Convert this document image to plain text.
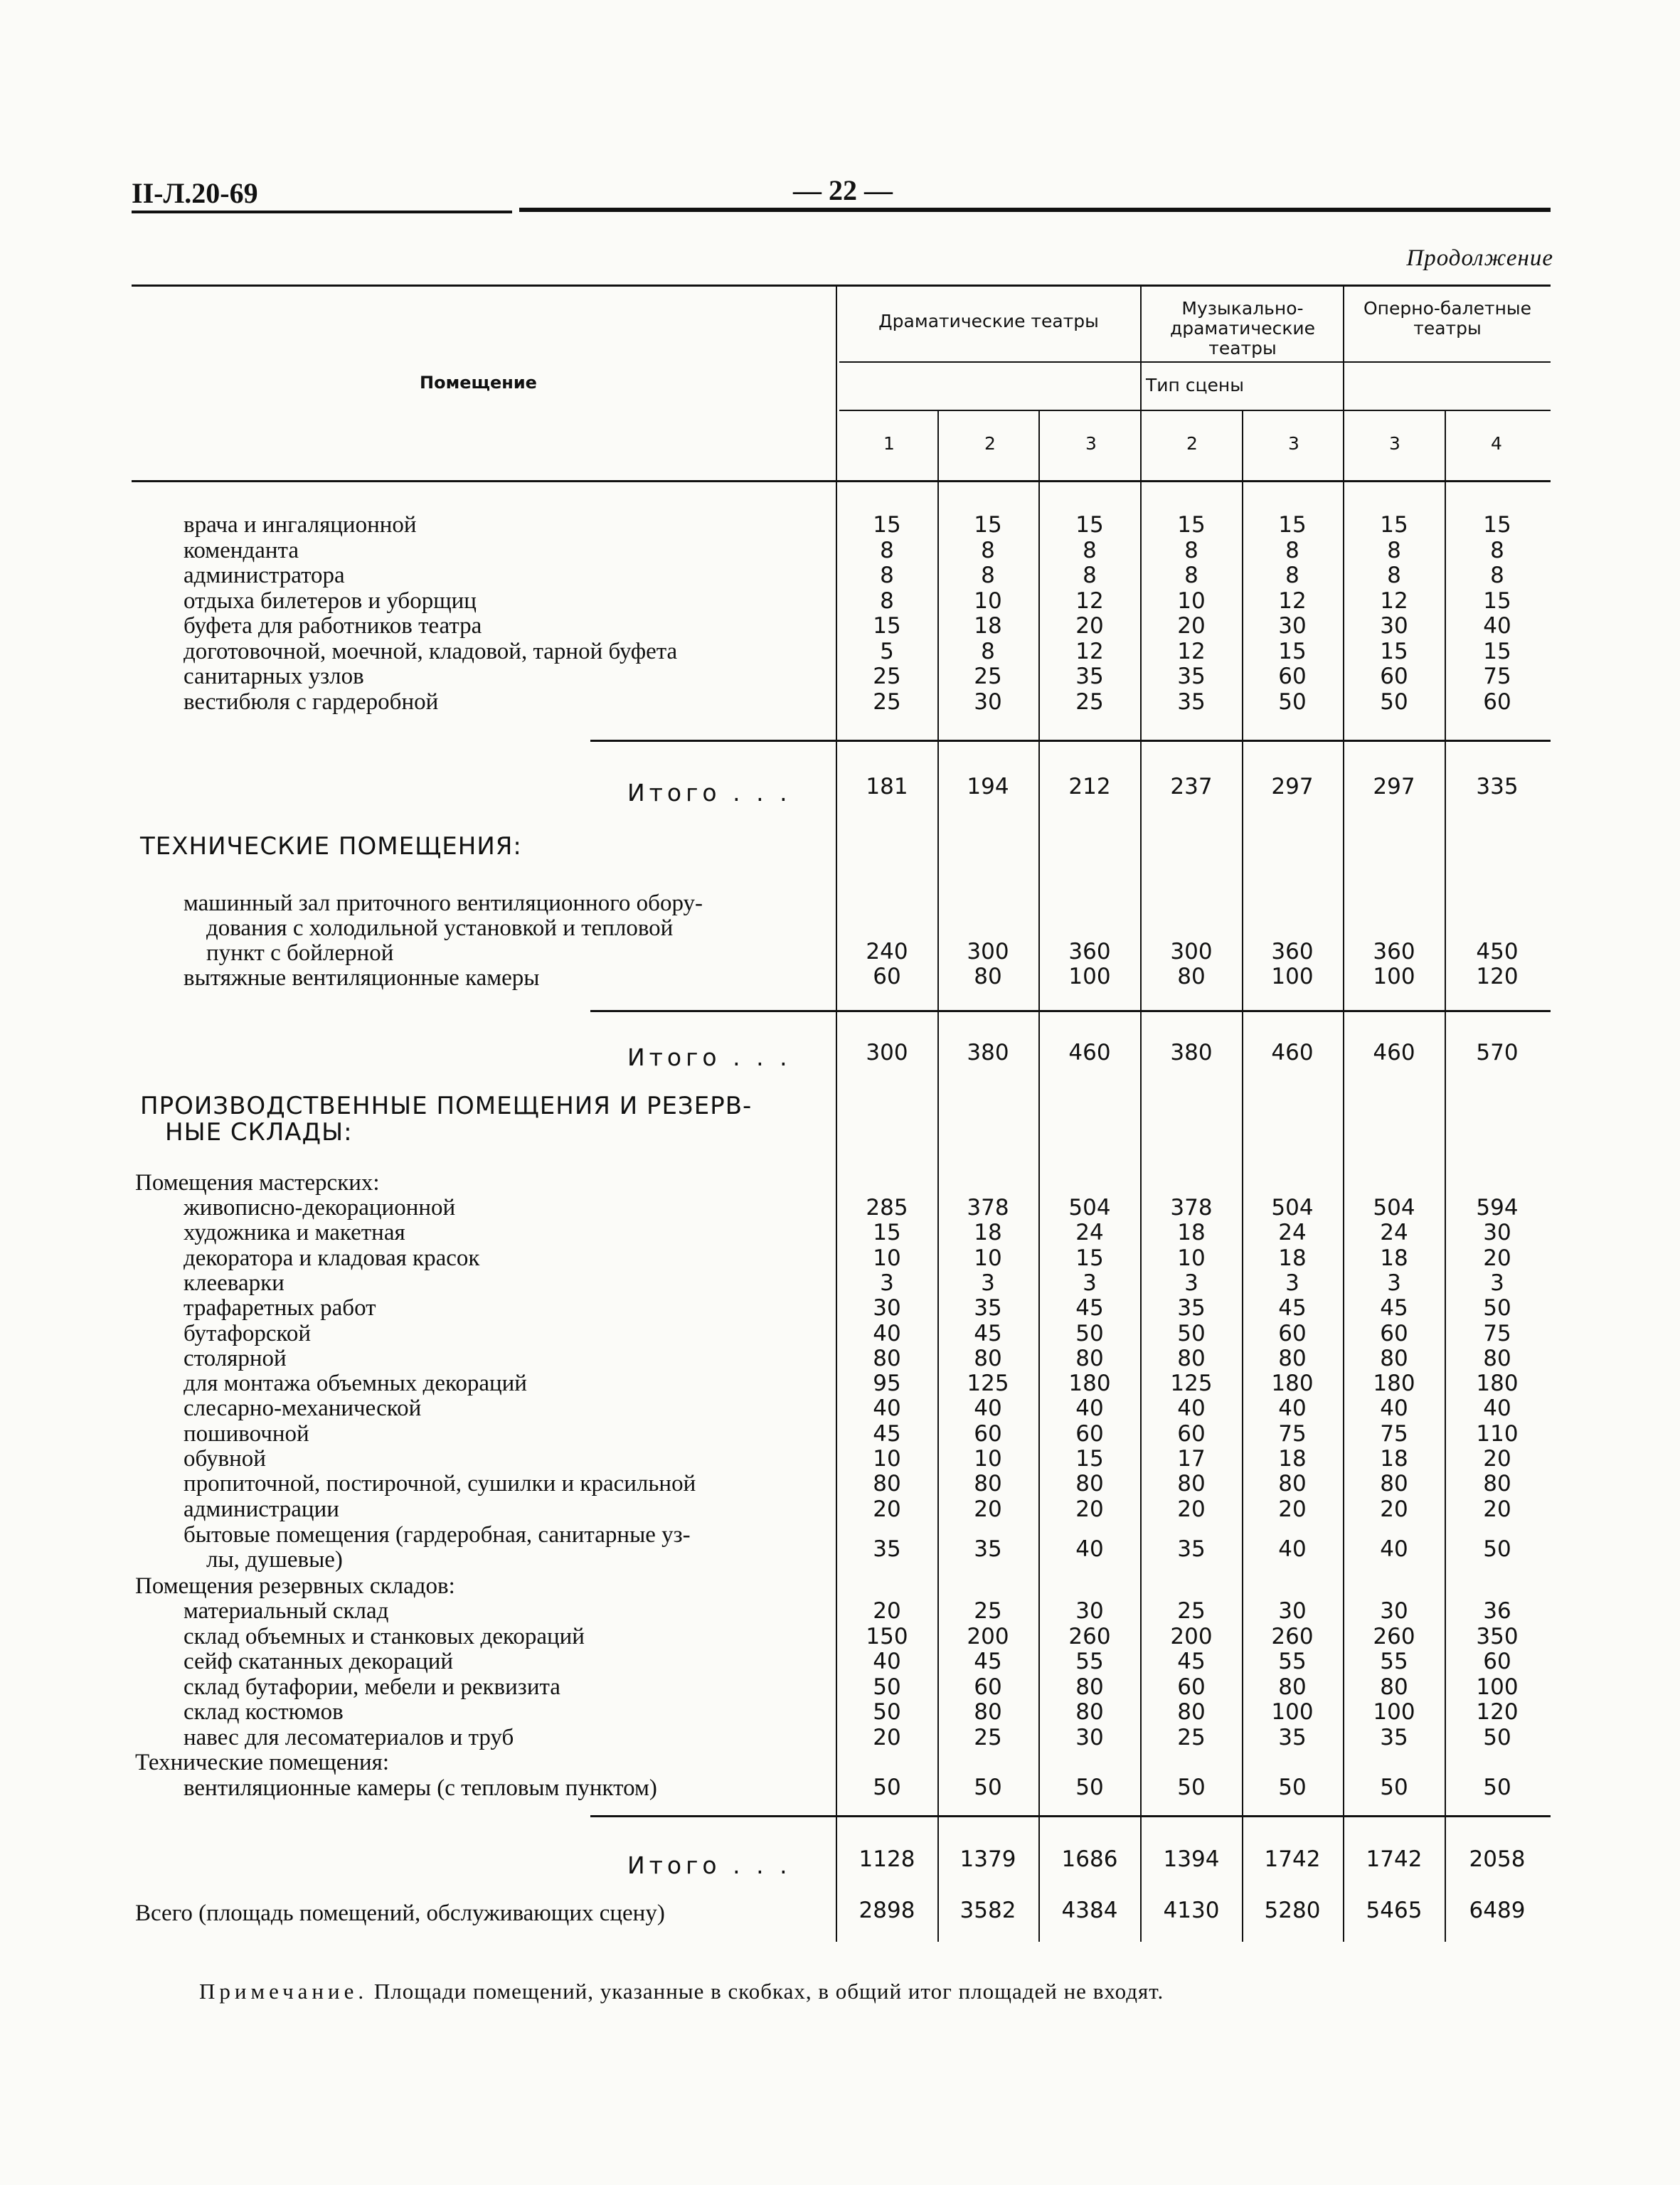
II-Л.20-69	— 22 —
Продолжение
Помещение
Драматические театры
Музыкально-драматические театры
Оперно-балетные театры
Тип сцены
1	2	3	2	3	3	4
врача и ингаляционной	15	15	15	15	15	15	15
коменданта	8	8	8	8	8	8	8
администратора	8	8	8	8	8	8	8
отдыха билетеров и уборщиц	8	10	12	10	12	12	15
буфета для работников театра	15	18	20	20	30	30	40
доготовочной, моечной, кладовой, тарной буфета	5	8	12	12	15	15	15
санитарных узлов	25	25	35	35	60	60	75
вестибюля с гардеробной	25	30	25	35	50	50	60
Итого . . .	181	194	212	237	297	297	335
ТЕХНИЧЕСКИЕ ПОМЕЩЕНИЯ:
машинный зал приточного вентиляционного обору-
дования с холодильной установкой и тепловой
пункт с бойлерной	240	300	360	300	360	360	450
вытяжные вентиляционные камеры	60	80	100	80	100	100	120
Итого . . .	300	380	460	380	460	460	570
ПРОИЗВОДСТВЕННЫЕ ПОМЕЩЕНИЯ И РЕЗЕРВ-
НЫЕ СКЛАДЫ:
Помещения мастерских:
живописно-декорационной	285	378	504	378	504	504	594
художника и макетная	15	18	24	18	24	24	30
декоратора и кладовая красок	10	10	15	10	18	18	20
клееварки	3	3	3	3	3	3	3
трафаретных работ	30	35	45	35	45	45	50
бутафорской	40	45	50	50	60	60	75
столярной	80	80	80	80	80	80	80
для монтажа объемных декораций	95	125	180	125	180	180	180
слесарно-механической	40	40	40	40	40	40	40
пошивочной	45	60	60	60	75	75	110
обувной	10	10	15	17	18	18	20
пропиточной, постирочной, сушилки и красильной	80	80	80	80	80	80	80
администрации	20	20	20	20	20	20	20
бытовые помещения (гардеробная, санитарные уз-
лы, душевые)	35	35	40	35	40	40	50
Помещения резервных складов:
материальный склад	20	25	30	25	30	30	36
склад объемных и станковых декораций	150	200	260	200	260	260	350
сейф скатанных декораций	40	45	55	45	55	55	60
склад бутафории, мебели и реквизита	50	60	80	60	80	80	100
склад костюмов	50	80	80	80	100	100	120
навес для лесоматериалов и труб	20	25	30	25	35	35	50
Технические помещения:
вентиляционные камеры (с тепловым пунктом)	50	50	50	50	50	50	50
Итого . . .	1128	1379	1686	1394	1742	1742	2058
Всего (площадь помещений, обслуживающих сцену)	2898	3582	4384	4130	5280	5465	6489
Примечание. Площади помещений, указанные в скобках, в общий итог площадей не входят.
